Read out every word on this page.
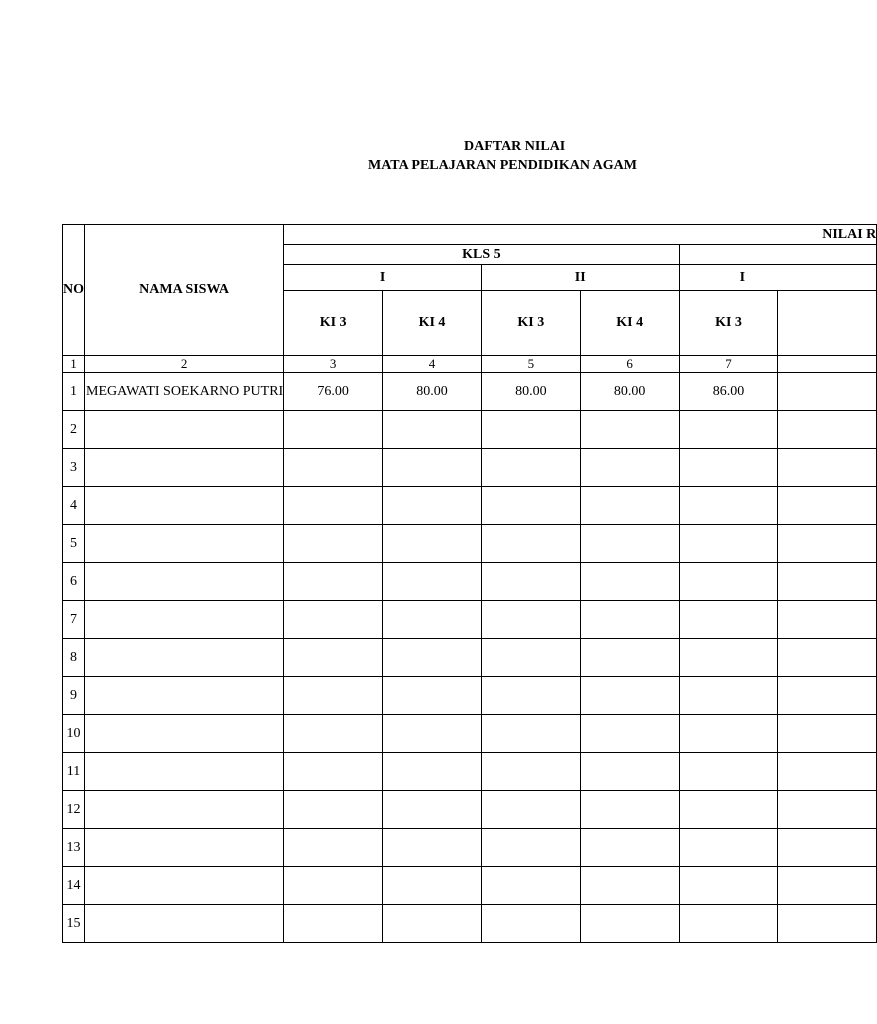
DAFTAR NILAI
MATA PELAJARAN PENDIDIKAN AGAM
NO	NAMA SISWA	NILAI R					
		KLS 5					
		I		II		I	
		KI 3	KI 4	KI 3	KI 4	KI 3	
1	2	3	4	5	6	7	
1	MEGAWATI SOEKARNO PUTRI	76.00	80.00	80.00	80.00	86.00	
2							
3							
4							
5							
6							
7							
8							
9							
10							
11							
12							
13							
14							
15							
